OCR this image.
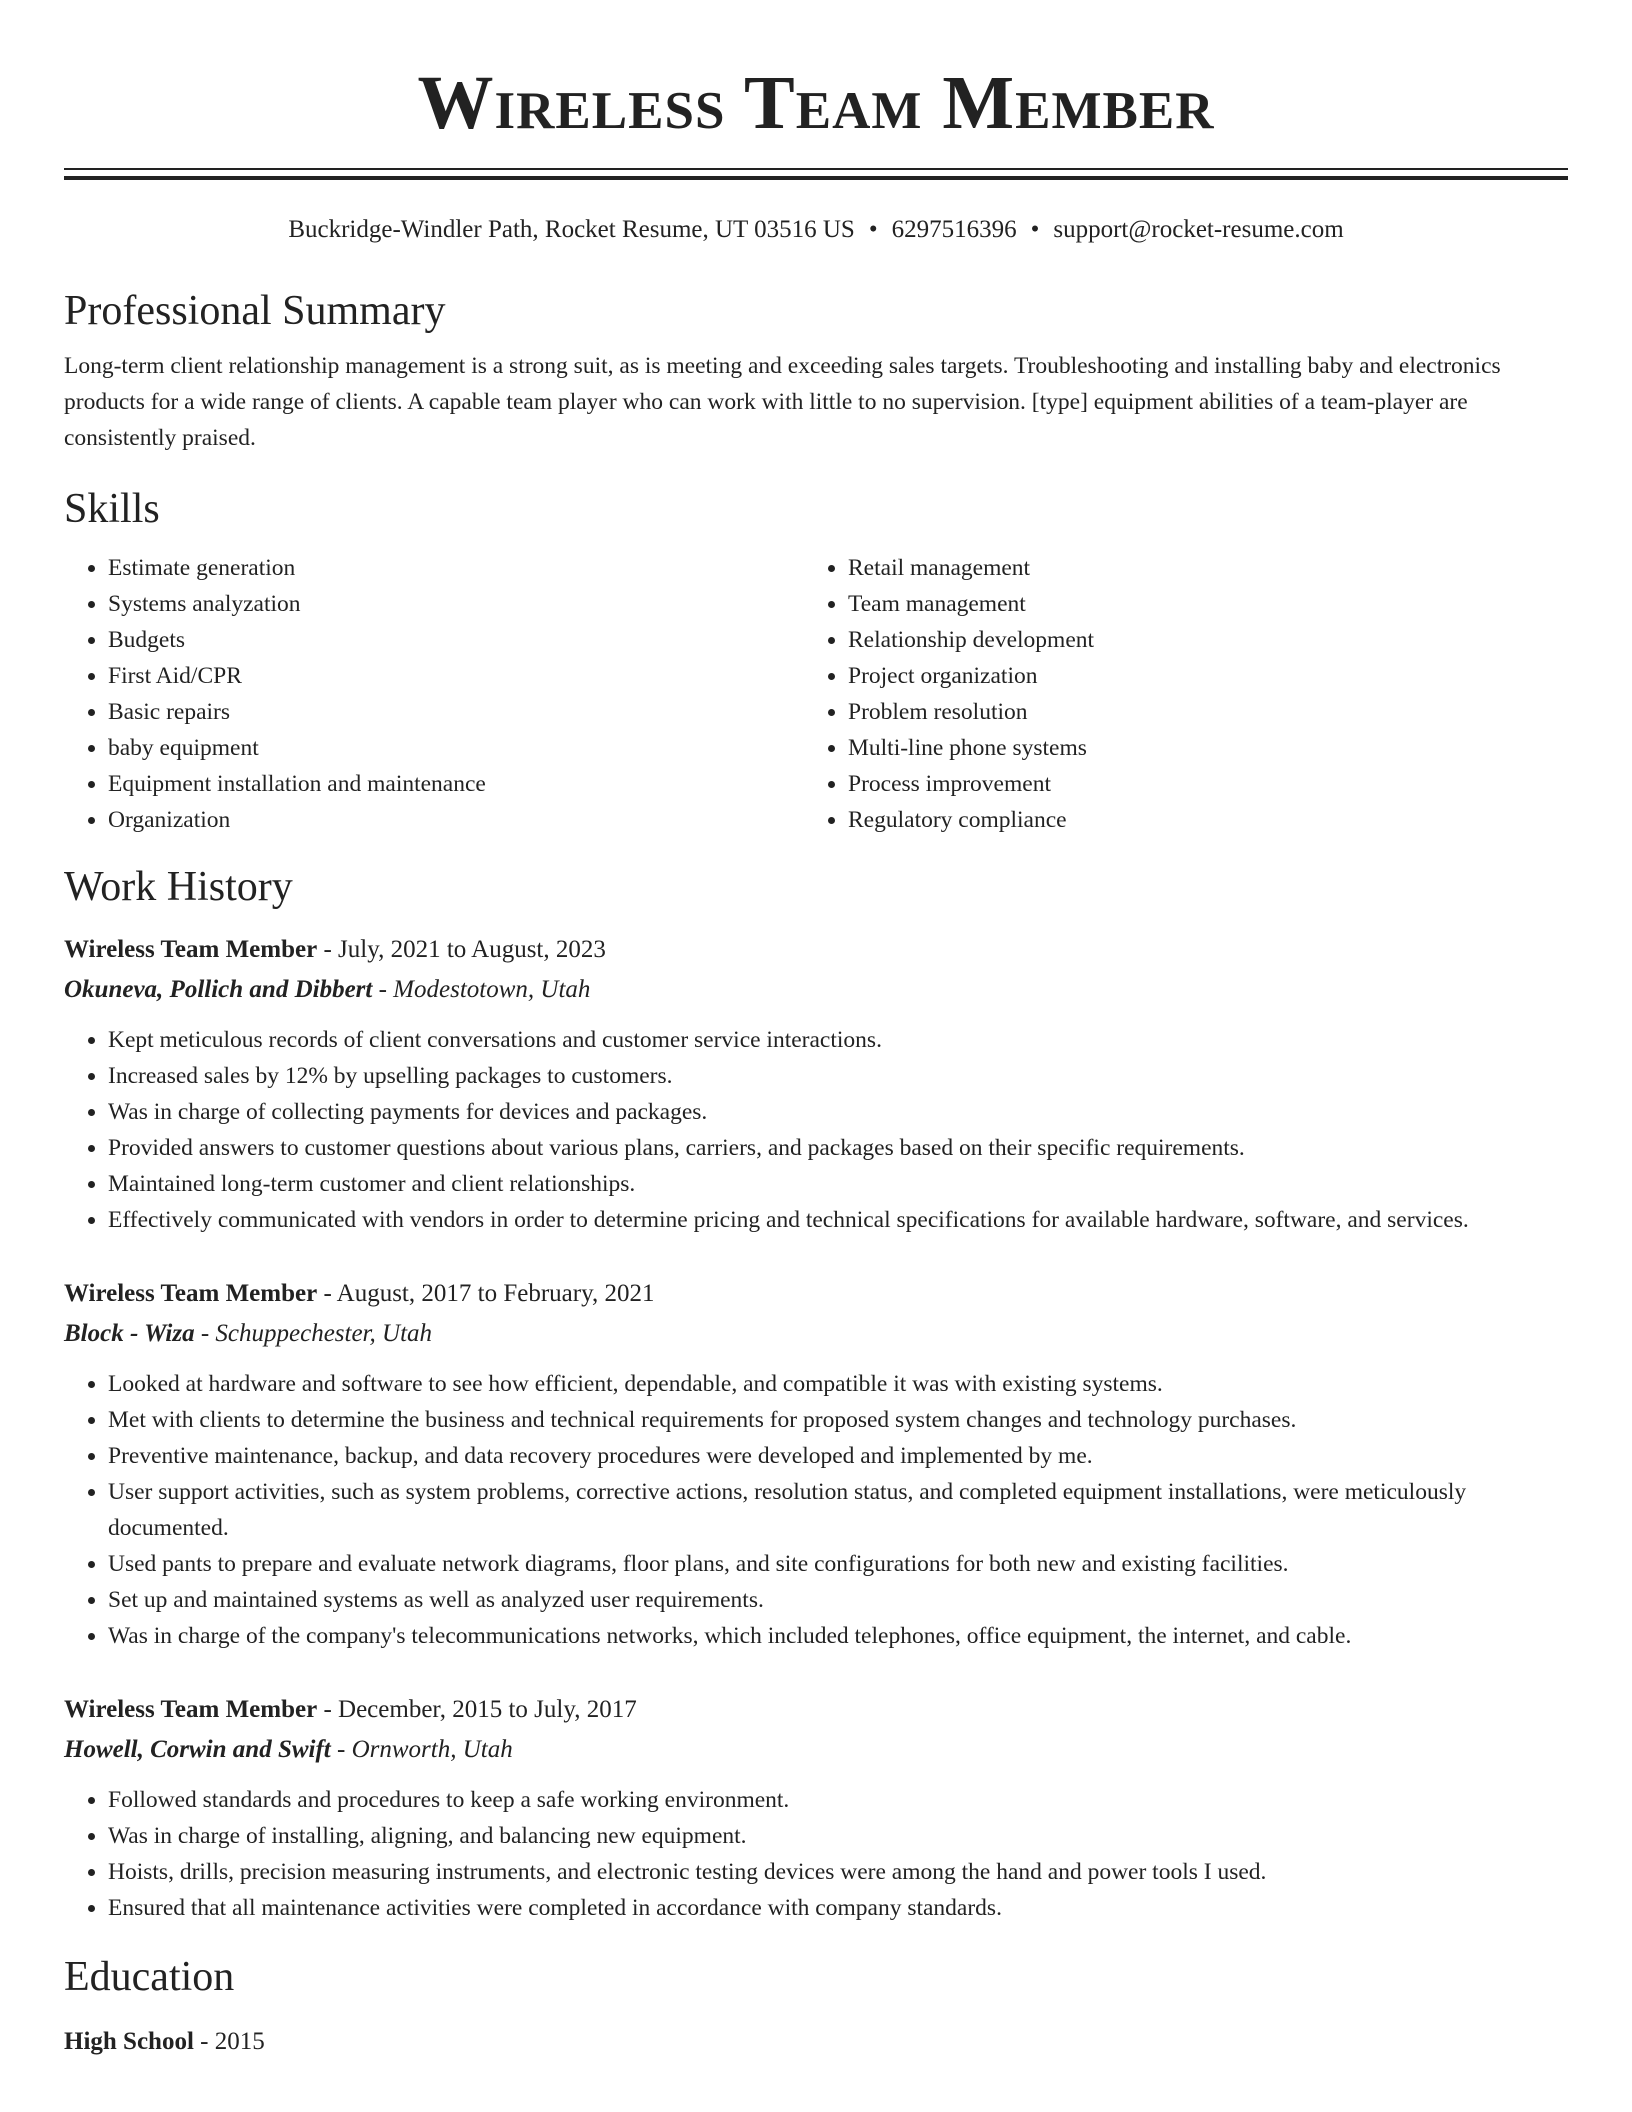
Wireless Team Member
Buckridge-Windler Path, Rocket Resume, UT 03516 US • 6297516396 • support@rocket-resume.com
Professional Summary

Long-term client relationship management is a strong suit, as is meeting and exceeding sales targets. Troubleshooting and installing baby and electronics products for a wide range of clients. A capable team player who can work with little to no supervision. [type] equipment abilities of a team-player are consistently praised.

Skills
• Estimate generation
• Systems analyzation
• Budgets
• First Aid/CPR
• Basic repairs
• baby equipment
• Equipment installation and maintenance
• Organization
• Retail management
• Team management
• Relationship development
• Project organization
• Problem resolution
• Multi-line phone systems
• Process improvement
• Regulatory compliance
Work History
Wireless Team Member - July, 2021 to August, 2023
Okuneva, Pollich and Dibbert - Modestotown, Utah
• Kept meticulous records of client conversations and customer service interactions.
• Increased sales by 12% by upselling packages to customers.
• Was in charge of collecting payments for devices and packages.
• Provided answers to customer questions about various plans, carriers, and packages based on their specific requirements.
• Maintained long-term customer and client relationships.
• Effectively communicated with vendors in order to determine pricing and technical specifications for available hardware, software, and services.
Wireless Team Member - August, 2017 to February, 2021
Block - Wiza - Schuppechester, Utah
• Looked at hardware and software to see how efficient, dependable, and compatible it was with existing systems.
• Met with clients to determine the business and technical requirements for proposed system changes and technology purchases.
• Preventive maintenance, backup, and data recovery procedures were developed and implemented by me.
• User support activities, such as system problems, corrective actions, resolution status, and completed equipment installations, were meticulously documented.
• Used pants to prepare and evaluate network diagrams, floor plans, and site configurations for both new and existing facilities.
• Set up and maintained systems as well as analyzed user requirements.
• Was in charge of the company's telecommunications networks, which included telephones, office equipment, the internet, and cable.
Wireless Team Member - December, 2015 to July, 2017
Howell, Corwin and Swift - Ornworth, Utah
• Followed standards and procedures to keep a safe working environment.
• Was in charge of installing, aligning, and balancing new equipment.
• Hoists, drills, precision measuring instruments, and electronic testing devices were among the hand and power tools I used.
• Ensured that all maintenance activities were completed in accordance with company standards.
Education
High School - 2015
